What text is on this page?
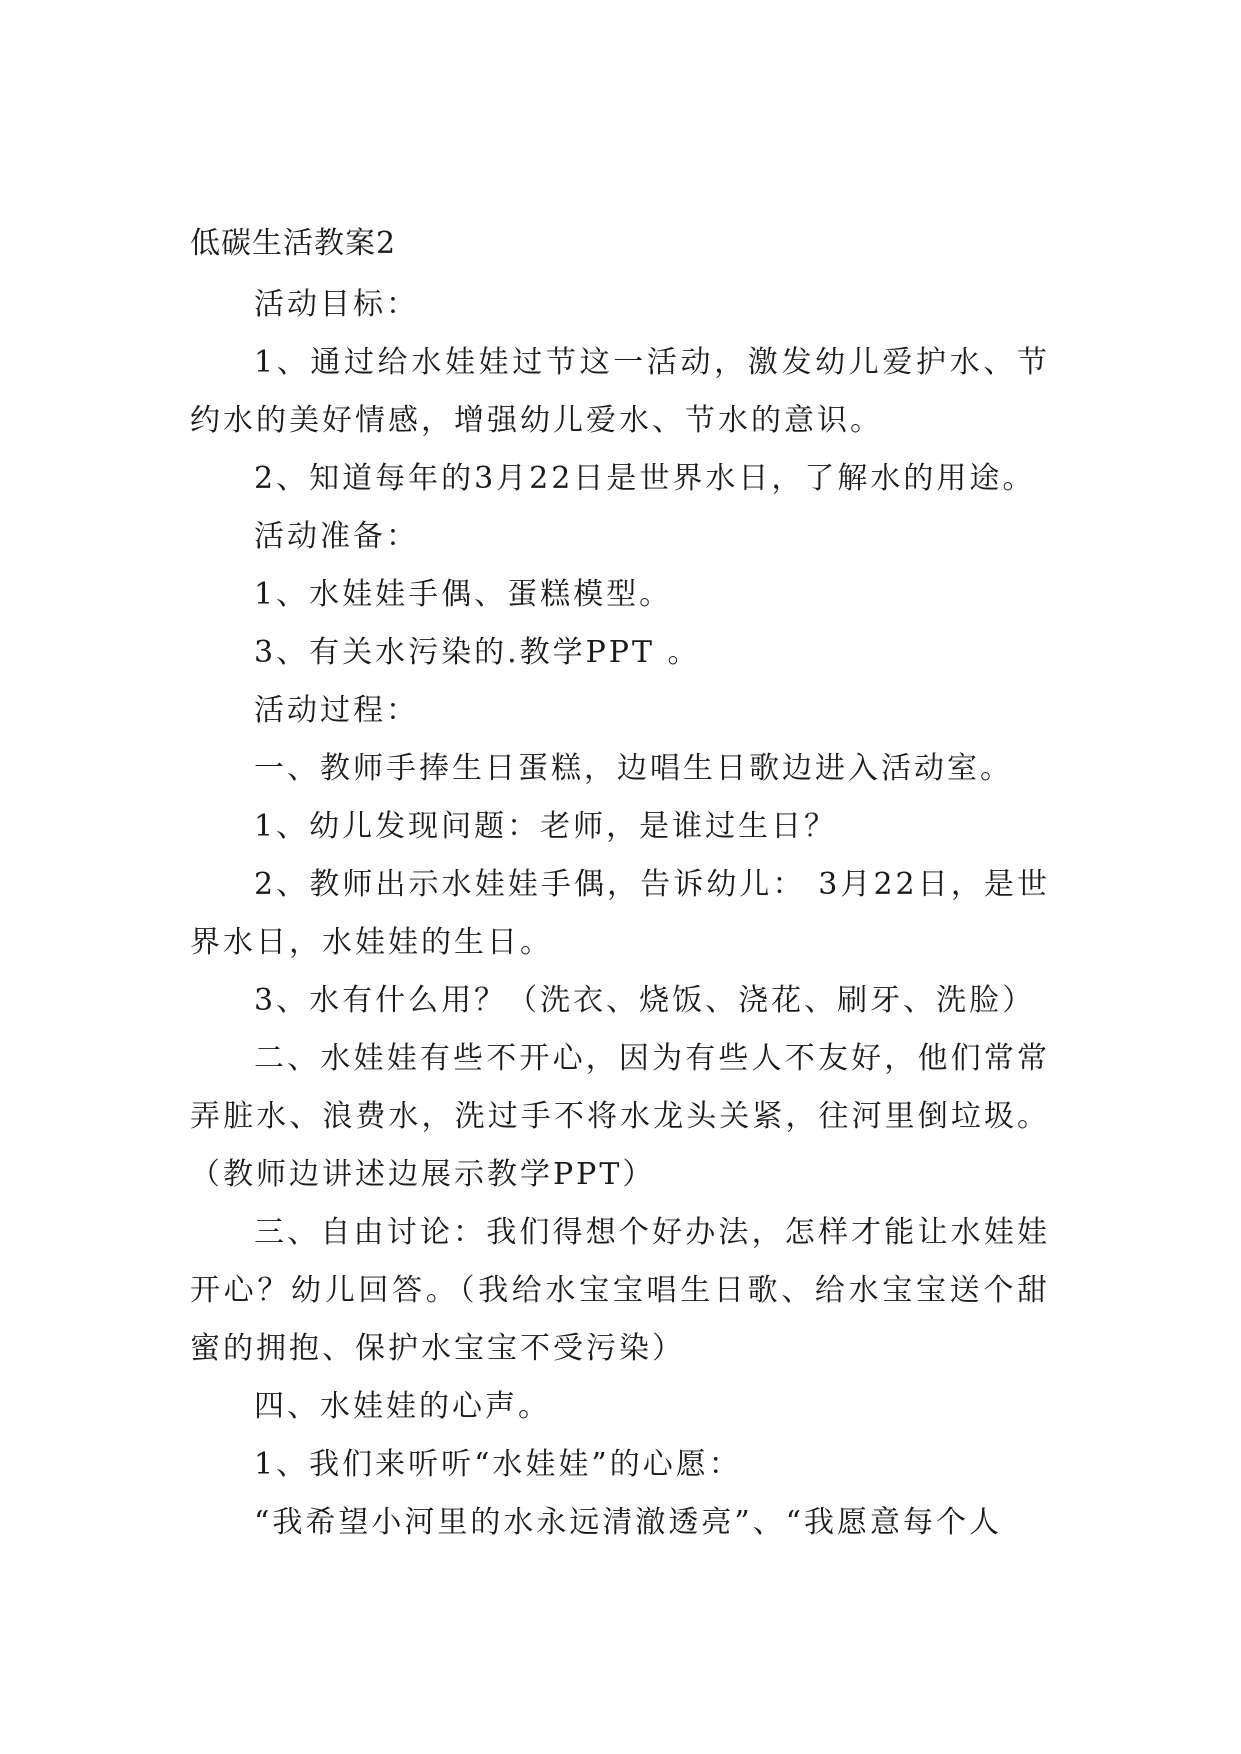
低碳生活教案2

活动目标：

1、通过给水娃娃过节这一活动，激发幼儿爱护水、节约水的美好情感，增强幼儿爱水、节水的意识。

2、知道每年的3月22日是世界水日，了解水的用途。

活动准备：

1、水娃娃手偶、蛋糕模型。

3、有关水污染的.教学PPT 。

活动过程：

一、教师手捧生日蛋糕，边唱生日歌边进入活动室。

1、幼儿发现问题：老师，是谁过生日？

2、教师出示水娃娃手偶，告诉幼儿： 3月22日，是世界水日，水娃娃的生日。

3、水有什么用？（洗衣、烧饭、浇花、刷牙、洗脸）

二、水娃娃有些不开心，因为有些人不友好，他们常常弄脏水、浪费水，洗过手不将水龙头关紧，往河里倒垃圾。（教师边讲述边展示教学PPT）

三、自由讨论：我们得想个好办法，怎样才能让水娃娃开心？幼儿回答。（我给水宝宝唱生日歌、给水宝宝送个甜蜜的拥抱、保护水宝宝不受污染）

四、水娃娃的心声。

1、我们来听听“水娃娃”的心愿：

“我希望小河里的水永远清澈透亮”、“我愿意每个人
